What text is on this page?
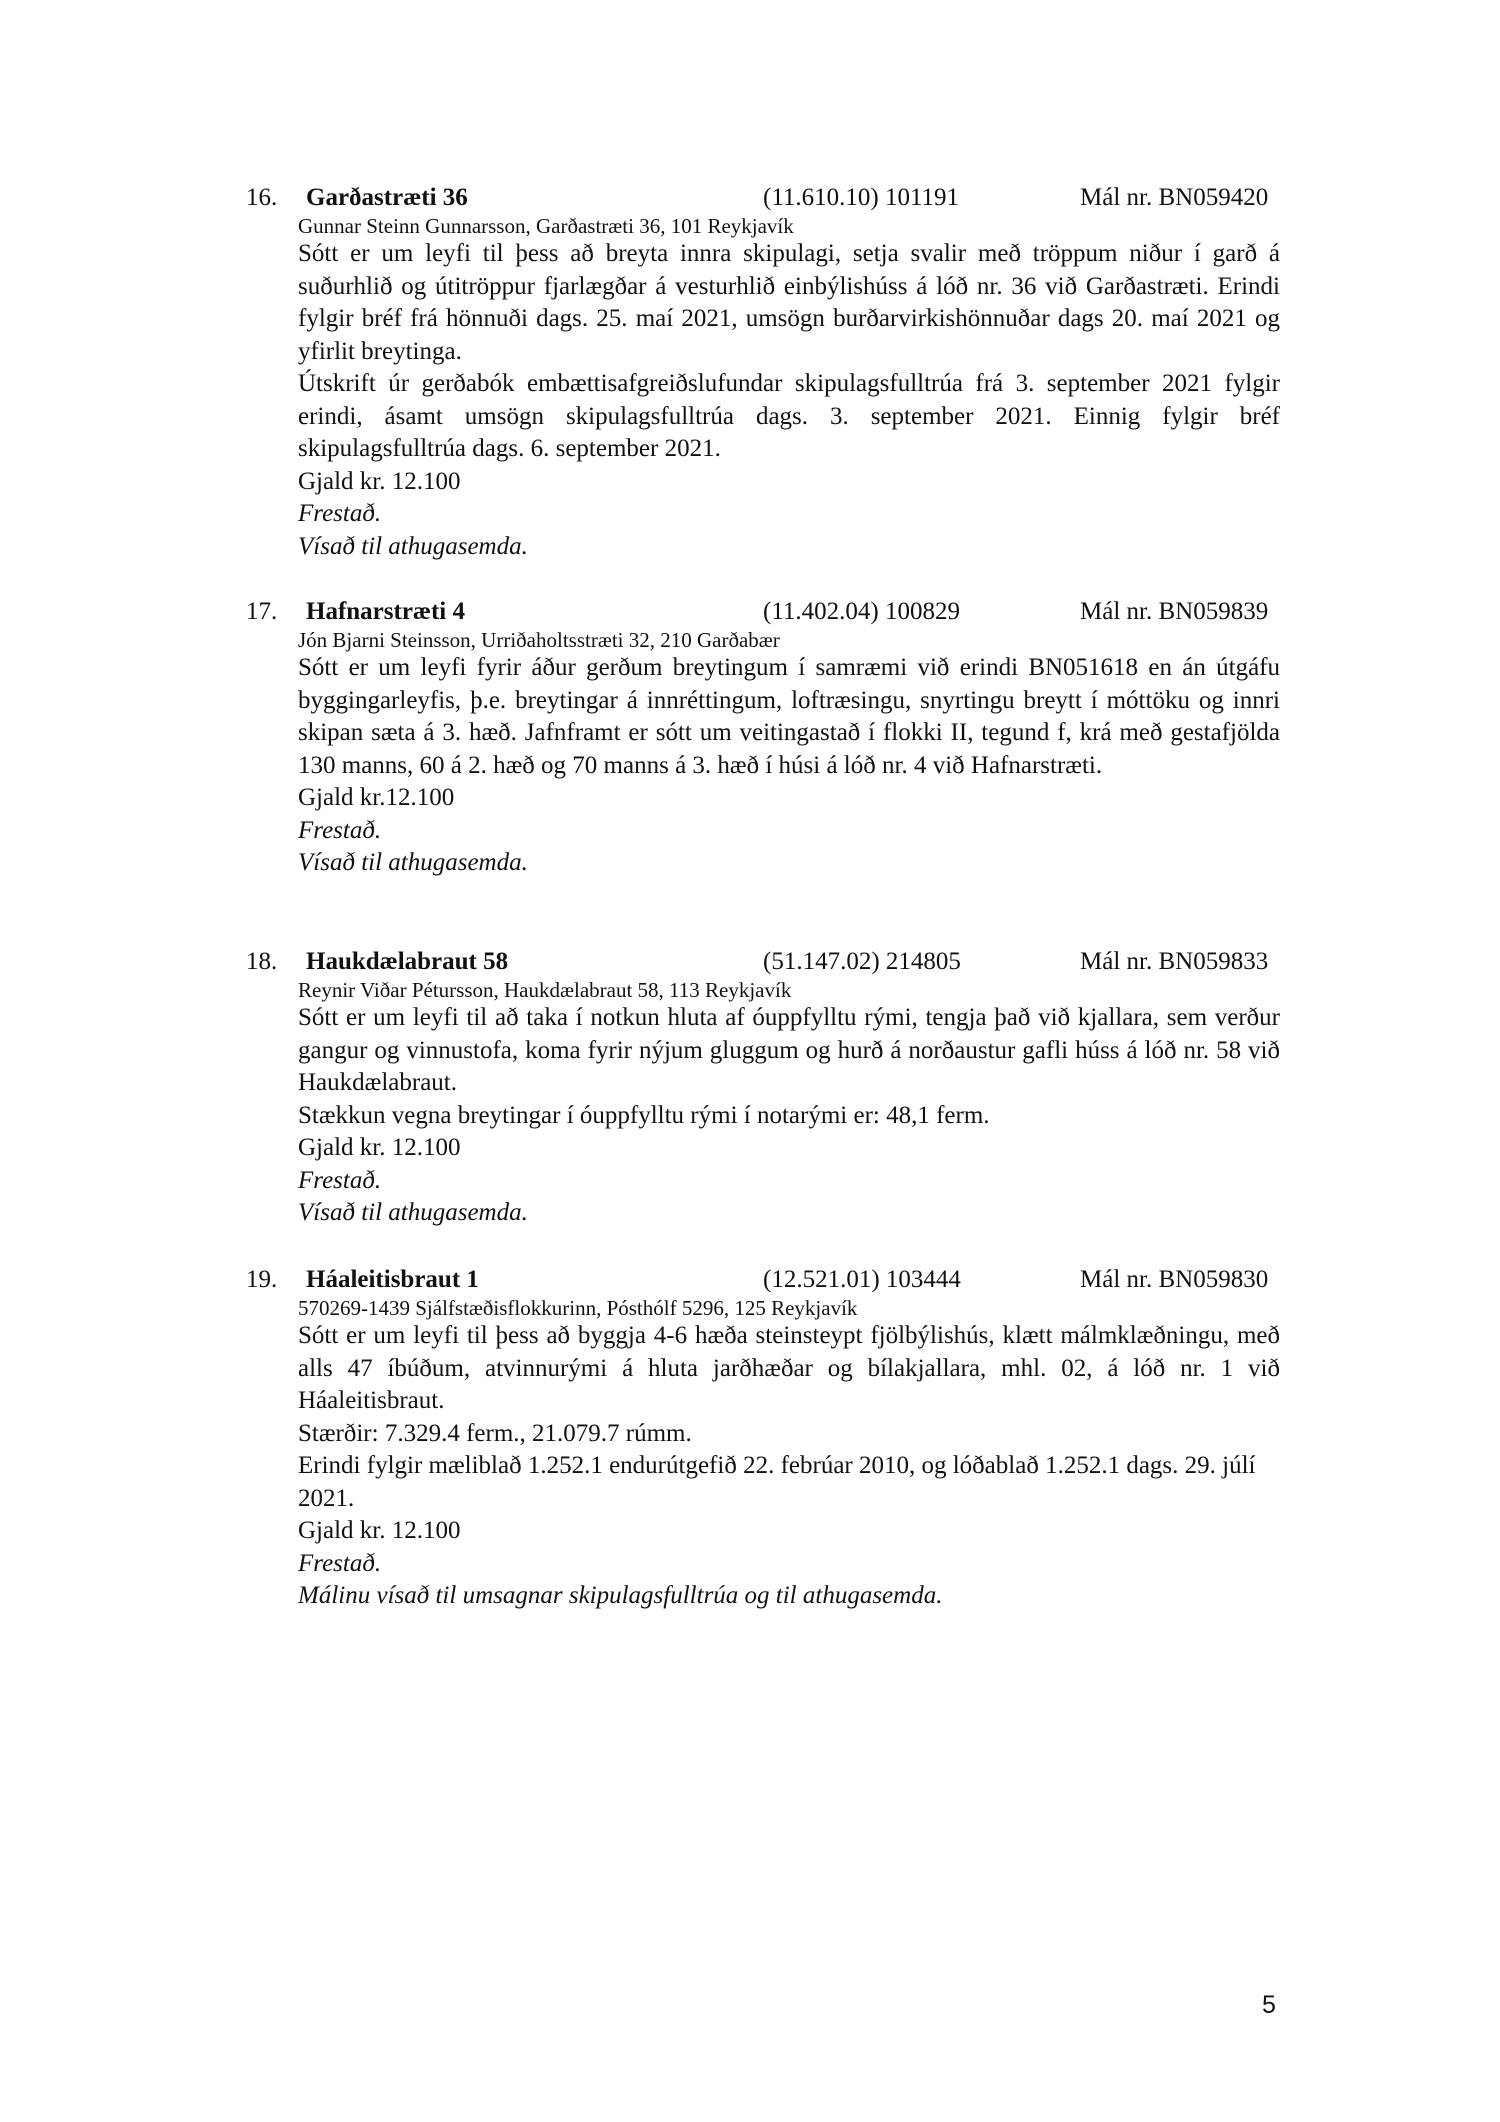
16. Garðastræti 36	(11.610.10) 101191	Mál nr. BN059420
Gunnar Steinn Gunnarsson, Garðastræti 36, 101 Reykjavík

Sótt er um leyfi til þess að breyta innra skipulagi, setja svalir með tröppum niður í garð á suðurhlið og útitröppur fjarlægðar á vesturhlið einbýlishúss á lóð nr. 36 við Garðastræti. Erindi fylgir bréf frá hönnuði dags. 25. maí 2021, umsögn burðarvirkishönnuðar dags 20. maí 2021 og yfirlit breytinga.

Útskrift úr gerðabók embættisafgreiðslufundar skipulagsfulltrúa frá 3. september 2021 fylgir erindi, ásamt umsögn skipulagsfulltrúa dags. 3. september 2021. Einnig fylgir bréf skipulagsfulltrúa dags. 6. september 2021.

Gjald kr. 12.100

Frestað.

Vísað til athugasemda.

17. Hafnarstræti 4	(11.402.04) 100829	Mál nr. BN059839
Jón Bjarni Steinsson, Urriðaholtsstræti 32, 210 Garðabær

Sótt er um leyfi fyrir áður gerðum breytingum í samræmi við erindi BN051618 en án útgáfu byggingarleyfis, þ.e. breytingar á innréttingum, loftræsingu, snyrtingu breytt í móttöku og innri skipan sæta á 3. hæð. Jafnframt er sótt um veitingastað í flokki II, tegund f, krá með gestafjölda 130 manns, 60 á 2. hæð og 70 manns á 3. hæð í húsi á lóð nr. 4 við Hafnarstræti.

Gjald kr.12.100

Frestað.

Vísað til athugasemda.

18. Haukdælabraut 58	(51.147.02) 214805	Mál nr. BN059833
Reynir Viðar Pétursson, Haukdælabraut 58, 113 Reykjavík

Sótt er um leyfi til að taka í notkun hluta af óuppfylltu rými, tengja það við kjallara, sem verður gangur og vinnustofa, koma fyrir nýjum gluggum og hurð á norðaustur gafli húss á lóð nr. 58 við Haukdælabraut.

Stækkun vegna breytingar í óuppfylltu rými í notarými er: 48,1 ferm.

Gjald kr. 12.100

Frestað.

Vísað til athugasemda.

19. Háaleitisbraut 1	(12.521.01) 103444	Mál nr. BN059830
570269-1439 Sjálfstæðisflokkurinn, Pósthólf 5296, 125 Reykjavík

Sótt er um leyfi til þess að byggja 4-6 hæða steinsteypt fjölbýlishús, klætt málmklæðningu, með alls 47 íbúðum, atvinnurými á hluta jarðhæðar og bílakjallara, mhl. 02, á lóð nr. 1 við Háaleitisbraut.

Stærðir: 7.329.4 ferm., 21.079.7 rúmm.

Erindi fylgir mæliblað 1.252.1 endurútgefið 22. febrúar 2010, og lóðablað 1.252.1 dags. 29. júlí 2021.

Gjald kr. 12.100

Frestað.

Málinu vísað til umsagnar skipulagsfulltrúa og til athugasemda.

5
